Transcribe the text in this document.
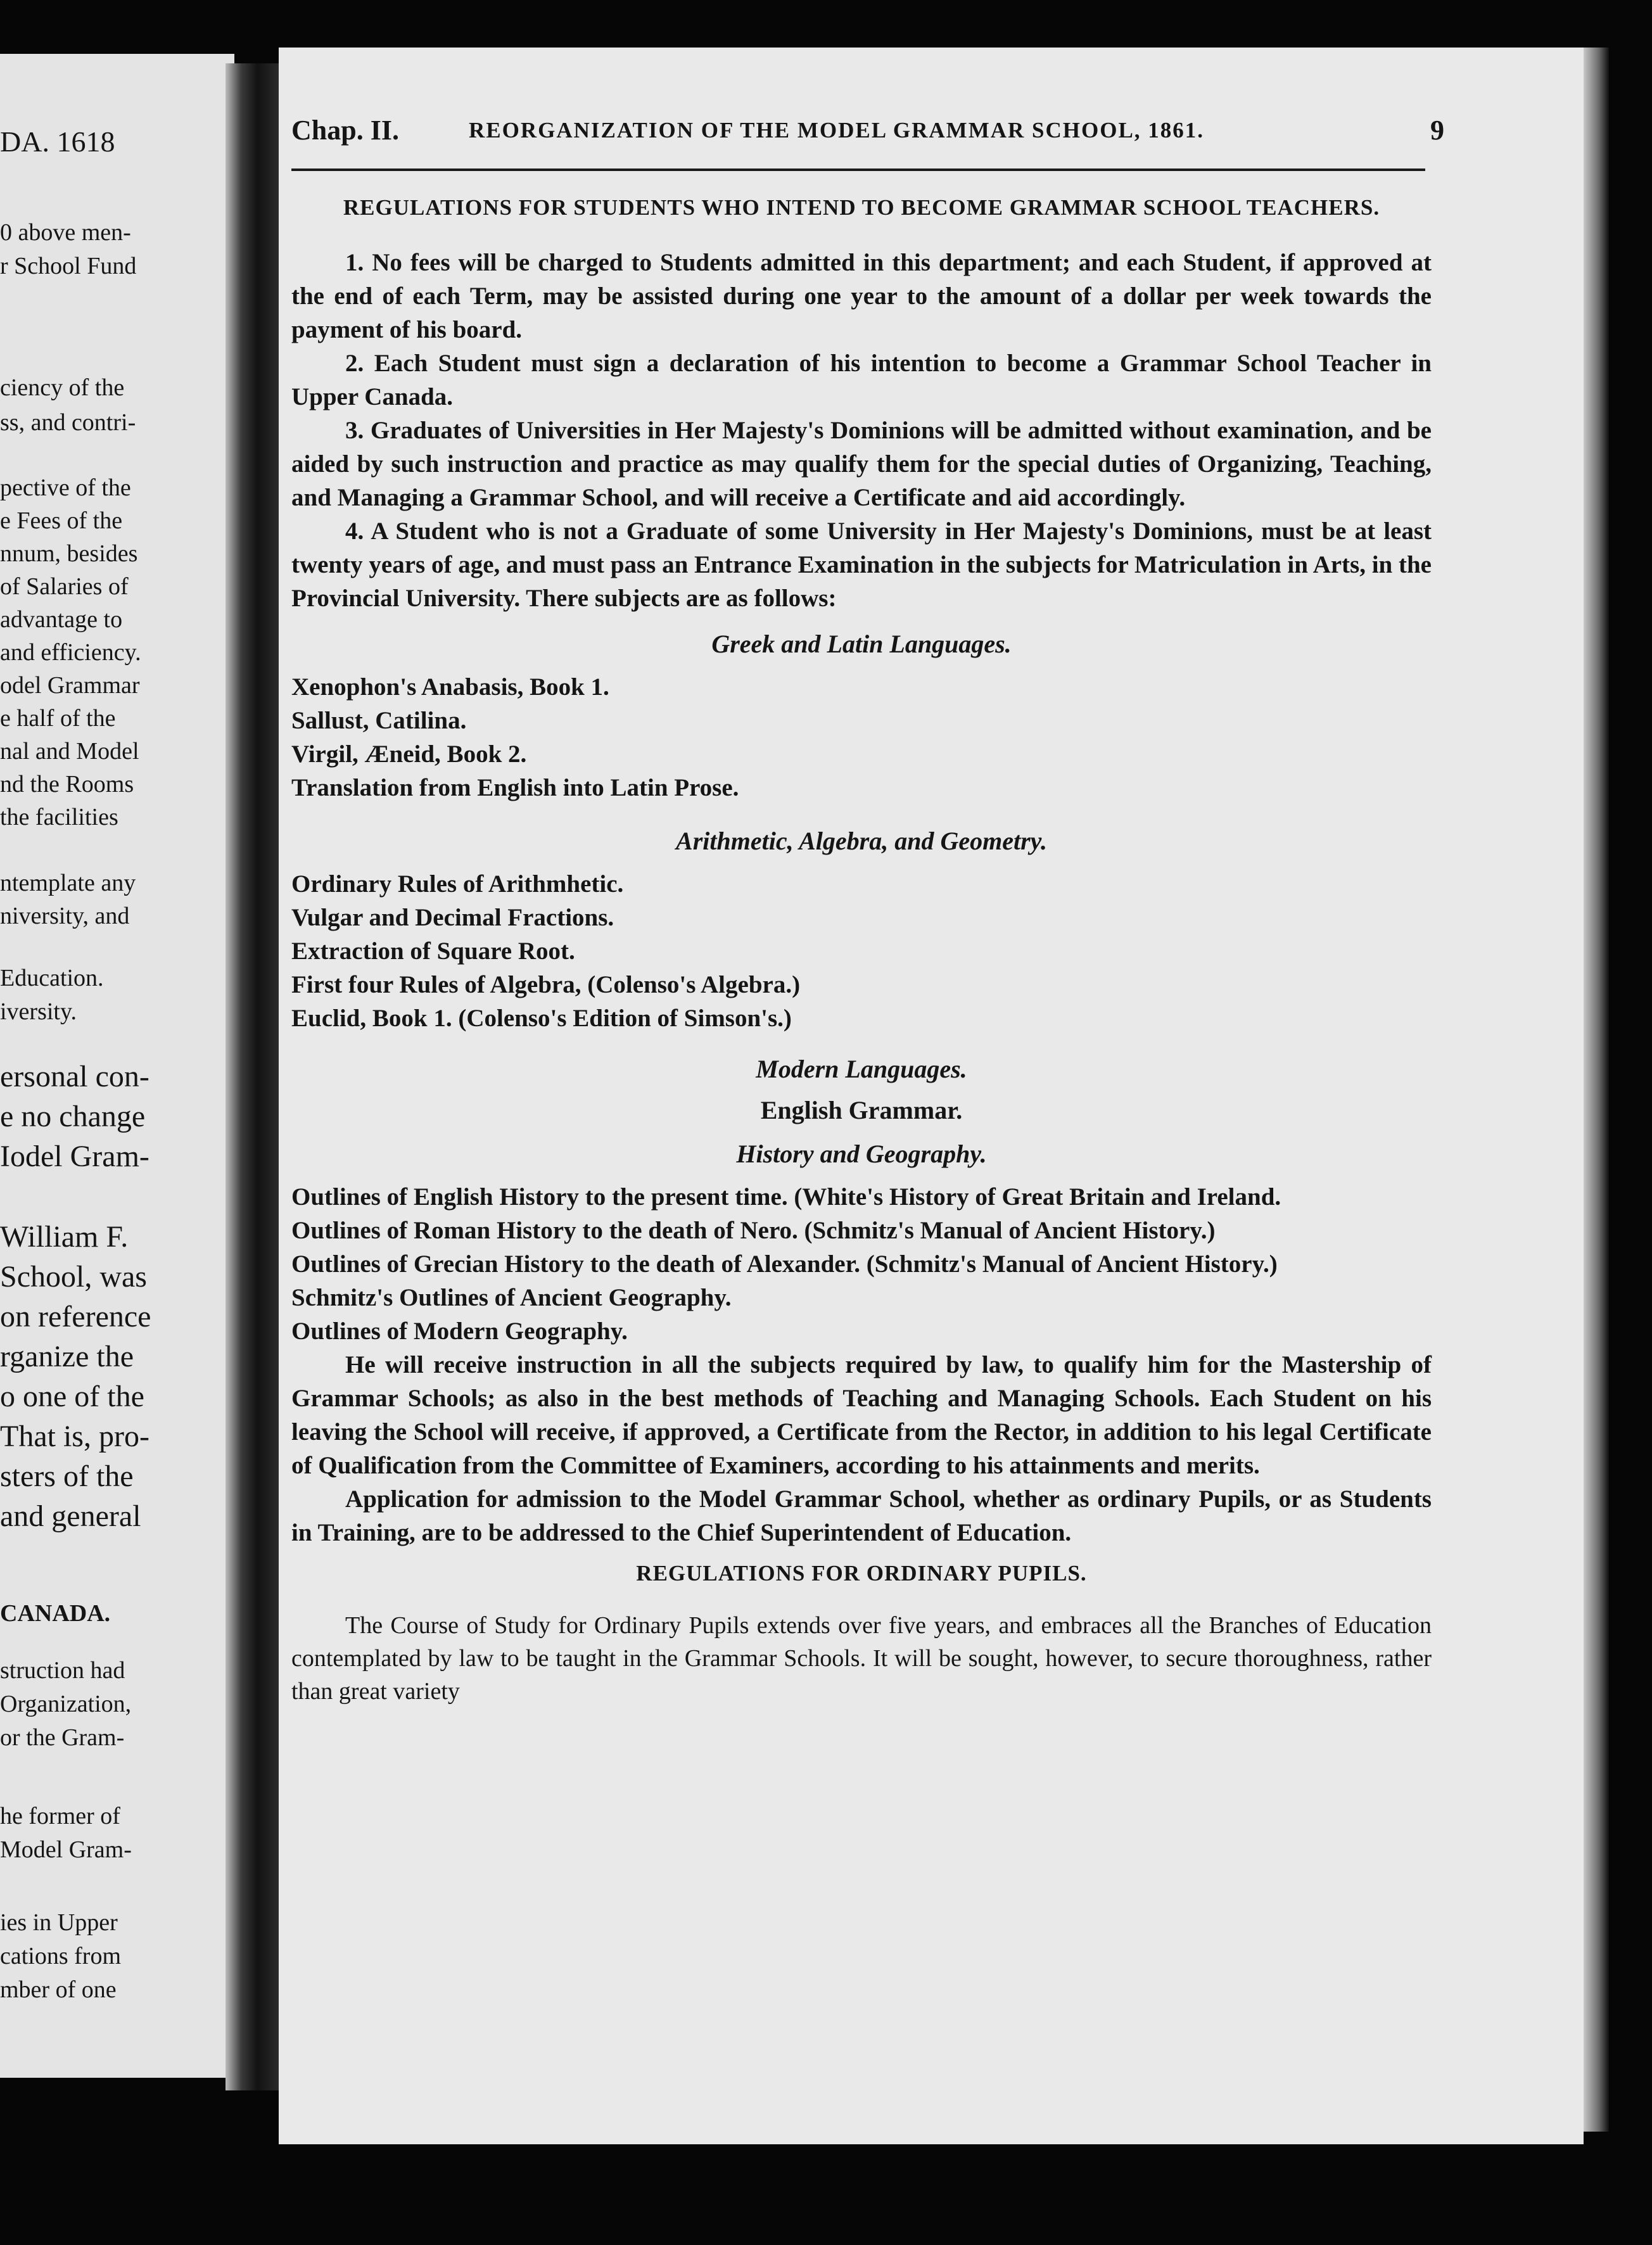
DA. 1618
0 above men-
r School Fund
ciency of the
ss, and contri-
pective of the
e Fees of the
nnum, besides
of Salaries of
advantage to
and efficiency.
odel Grammar
e half of the
nal and Model
nd the Rooms
the facilities
ntemplate any
niversity, and
Education.
iversity.
ersonal con-
e no change
Iodel Gram-
William F.
School, was
on reference
rganize the
o one of the
That is, pro-
sters of the
and general
CANADA.
struction had
Organization,
or the Gram-
he former of
Model Gram-
ies in Upper
cations from
mber of one
Chap. II.	REORGANIZATION OF THE MODEL GRAMMAR SCHOOL, 1861.	9
REGULATIONS FOR STUDENTS WHO INTEND TO BECOME GRAMMAR SCHOOL TEACHERS.

1. No fees will be charged to Students admitted in this department; and each Student, if approved at the end of each Term, may be assisted during one year to the amount of a dollar per week towards the payment of his board.

2. Each Student must sign a declaration of his intention to become a Grammar School Teacher in Upper Canada.

3. Graduates of Universities in Her Majesty's Dominions will be admitted without examination, and be aided by such instruction and practice as may qualify them for the special duties of Organizing, Teaching, and Managing a Grammar School, and will receive a Certificate and aid accordingly.

4. A Student who is not a Graduate of some University in Her Majesty's Dominions, must be at least twenty years of age, and must pass an Entrance Examination in the subjects for Matriculation in Arts, in the Provincial University. There subjects are as follows:

Greek and Latin Languages.

Xenophon's Anabasis, Book 1.

Sallust, Catilina.

Virgil, Æneid, Book 2.

Translation from English into Latin Prose.

Arithmetic, Algebra, and Geometry.

Ordinary Rules of Arithmhetic.

Vulgar and Decimal Fractions.

Extraction of Square Root.

First four Rules of Algebra, (Colenso's Algebra.)

Euclid, Book 1. (Colenso's Edition of Simson's.)

Modern Languages.
English Grammar.
History and Geography.

Outlines of English History to the present time. (White's History of Great Britain and Ireland.

Outlines of Roman History to the death of Nero. (Schmitz's Manual of Ancient History.)

Outlines of Grecian History to the death of Alexander. (Schmitz's Manual of Ancient History.)

Schmitz's Outlines of Ancient Geography.

Outlines of Modern Geography.

He will receive instruction in all the subjects required by law, to qualify him for the Mastership of Grammar Schools; as also in the best methods of Teaching and Managing Schools. Each Student on his leaving the School will receive, if approved, a Certificate from the Rector, in addition to his legal Certificate of Qualification from the Committee of Examiners, according to his attainments and merits.

Application for admission to the Model Grammar School, whether as ordinary Pupils, or as Students in Training, are to be addressed to the Chief Superintendent of Education.

REGULATIONS FOR ORDINARY PUPILS.

The Course of Study for Ordinary Pupils extends over five years, and embraces all the Branches of Education contemplated by law to be taught in the Grammar Schools. It will be sought, however, to secure thoroughness, rather than great variety
